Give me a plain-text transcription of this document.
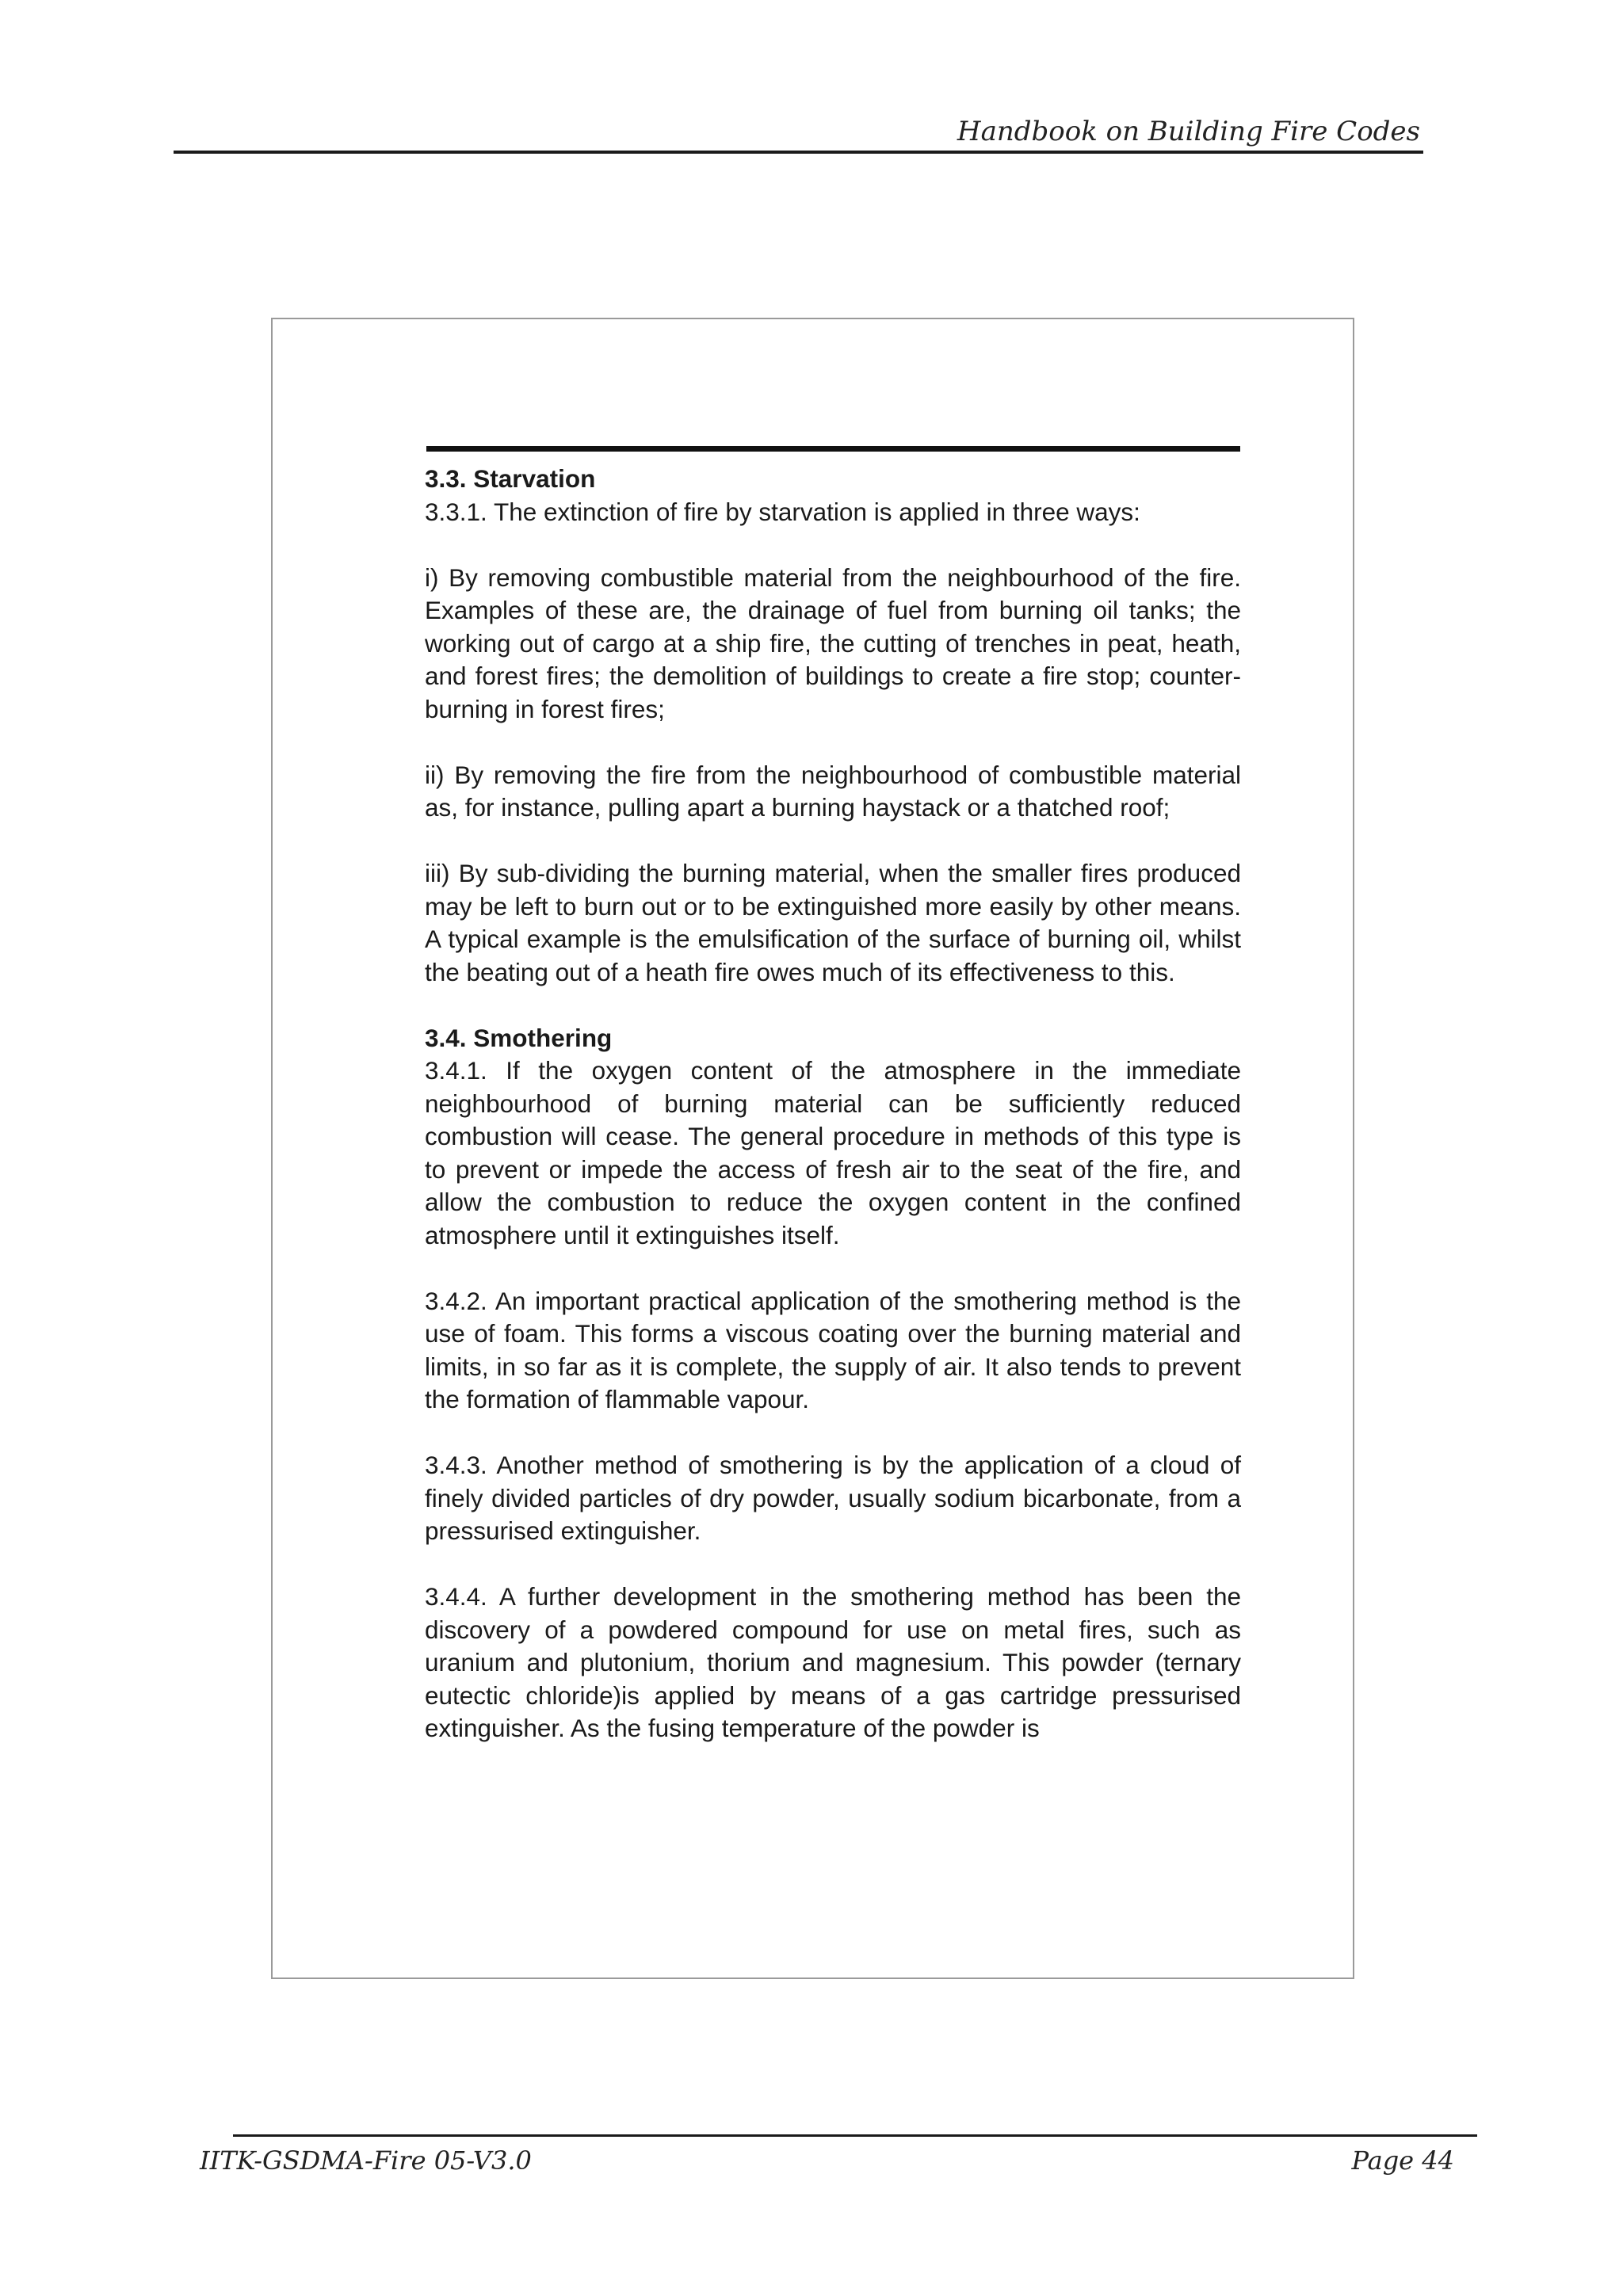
Handbook on Building Fire Codes

3.3. Starvation

3.3.1. The extinction of fire by starvation is applied in three ways:

i) By removing combustible material from the neighbourhood of the fire. Examples of these are, the drainage of fuel from burning oil tanks; the working out of cargo at a ship fire, the cutting of trenches in peat, heath, and forest fires; the demolition of buildings to create a fire stop; counter-burning in forest fires;

ii) By removing the fire from the neighbourhood of combustible material as, for instance, pulling apart a burning haystack or a thatched roof;

iii) By sub-dividing the burning material, when the smaller fires produced may be left to burn out or to be extinguished more easily by other means. A typical example is the emulsification of the surface of burning oil, whilst the beating out of a heath fire owes much of its effectiveness to this.

3.4. Smothering

3.4.1. If the oxygen content of the atmosphere in the immediate neighbourhood of burning material can be sufficiently reduced combustion will cease. The general procedure in methods of this type is to prevent or impede the access of fresh air to the seat of the fire, and allow the combustion to reduce the oxygen content in the confined atmosphere until it extinguishes itself.

3.4.2. An important practical application of the smothering method is the use of foam. This forms a viscous coating over the burning material and limits, in so far as it is complete, the supply of air. It also tends to prevent the formation of flammable vapour.

3.4.3. Another method of smothering is by the application of a cloud of finely divided particles of dry powder, usually sodium bicarbonate, from a pressurised extinguisher.

3.4.4. A further development in the smothering method has been the discovery of a powdered compound for use on metal fires, such as uranium and plutonium, thorium and magnesium. This powder (ternary eutectic chloride)is applied by means of a gas cartridge pressurised extinguisher. As the fusing temperature of the powder is

IITK-GSDMA-Fire 05-V3.0	Page 44
